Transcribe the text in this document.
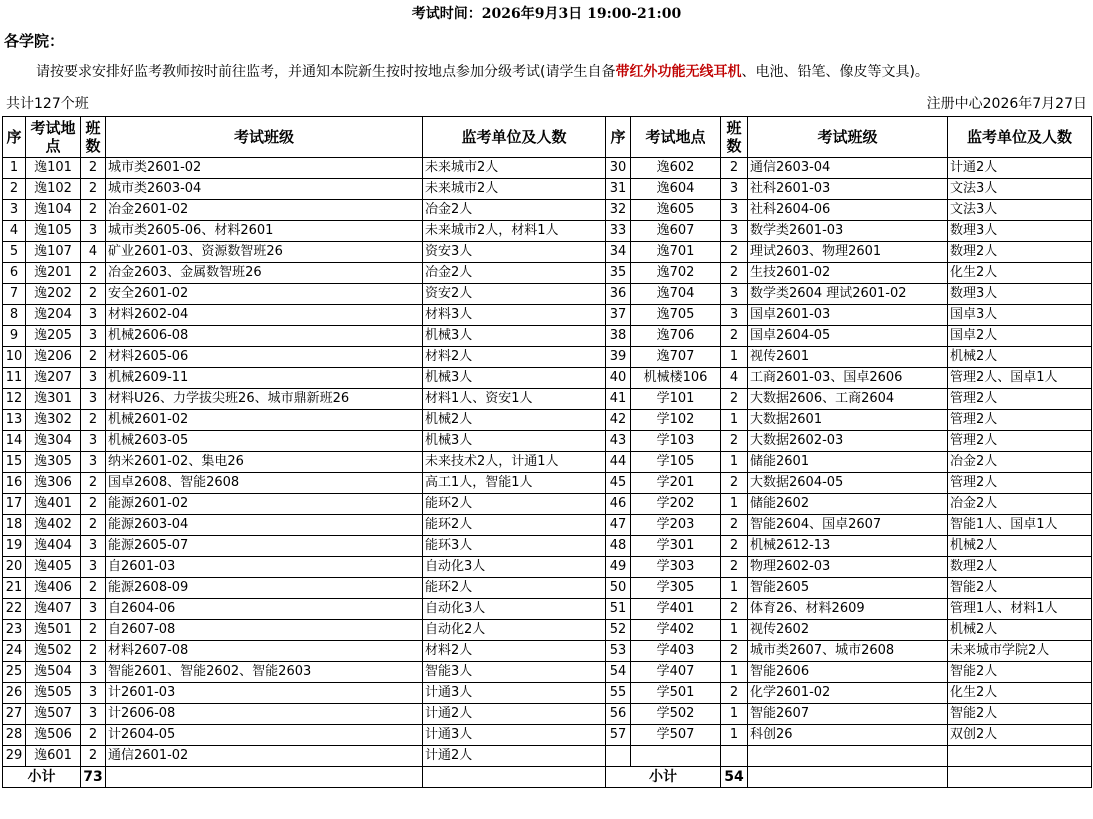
考试时间：2026年9月3日 19:00-21:00
各学院：
请按要求安排好监考教师按时前往监考，并通知本院新生按时按地点参加分级考试(请学生自备带红外功能无线耳机、电池、铅笔、像皮等文具)。
共计127个班	注册中心2026年7月27日
序	考试地点	班数	考试班级	监考单位及人数	序	考试地点	班数	考试班级	监考单位及人数
1	逸101	2	城市类2601-02	未来城市2人	30	逸602	2	通信2603-04	计通2人
2	逸102	2	城市类2603-04	未来城市2人	31	逸604	3	社科2601-03	文法3人
3	逸104	2	冶金2601-02	冶金2人	32	逸605	3	社科2604-06	文法3人
4	逸105	3	城市类2605-06、材料2601	未来城市2人，材料1人	33	逸607	3	数学类2601-03	数理3人
5	逸107	4	矿业2601-03、资源数智班26	资安3人	34	逸701	2	理试2603、物理2601	数理2人
6	逸201	2	冶金2603、金属数智班26	冶金2人	35	逸702	2	生技2601-02	化生2人
7	逸202	2	安全2601-02	资安2人	36	逸704	3	数学类2604 理试2601-02	数理3人
8	逸204	3	材料2602-04	材料3人	37	逸705	3	国卓2601-03	国卓3人
9	逸205	3	机械2606-08	机械3人	38	逸706	2	国卓2604-05	国卓2人
10	逸206	2	材料2605-06	材料2人	39	逸707	1	视传2601	机械2人
11	逸207	3	机械2609-11	机械3人	40	机械楼106	4	工商2601-03、国卓2606	管理2人、国卓1人
12	逸301	3	材料U26、力学拔尖班26、城市鼎新班26	材料1人、资安1人	41	学101	2	大数据2606、工商2604	管理2人
13	逸302	2	机械2601-02	机械2人	42	学102	1	大数据2601	管理2人
14	逸304	3	机械2603-05	机械3人	43	学103	2	大数据2602-03	管理2人
15	逸305	3	纳米2601-02、集电26	未来技术2人，计通1人	44	学105	1	储能2601	冶金2人
16	逸306	2	国卓2608、智能2608	高工1人，智能1人	45	学201	2	大数据2604-05	管理2人
17	逸401	2	能源2601-02	能环2人	46	学202	1	储能2602	冶金2人
18	逸402	2	能源2603-04	能环2人	47	学203	2	智能2604、国卓2607	智能1人、国卓1人
19	逸404	3	能源2605-07	能环3人	48	学301	2	机械2612-13	机械2人
20	逸405	3	自2601-03	自动化3人	49	学303	2	物理2602-03	数理2人
21	逸406	2	能源2608-09	能环2人	50	学305	1	智能2605	智能2人
22	逸407	3	自2604-06	自动化3人	51	学401	2	体育26、材料2609	管理1人、材料1人
23	逸501	2	自2607-08	自动化2人	52	学402	1	视传2602	机械2人
24	逸502	2	材料2607-08	材料2人	53	学403	2	城市类2607、城市2608	未来城市学院2人
25	逸504	3	智能2601、智能2602、智能2603	智能3人	54	学407	1	智能2606	智能2人
26	逸505	3	计2601-03	计通3人	55	学501	2	化学2601-02	化生2人
27	逸507	3	计2606-08	计通2人	56	学502	1	智能2607	智能2人
28	逸506	2	计2604-05	计通3人	57	学507	1	科创26	双创2人
29	逸601	2	通信2601-02	计通2人					
小计		73			小计		54		
